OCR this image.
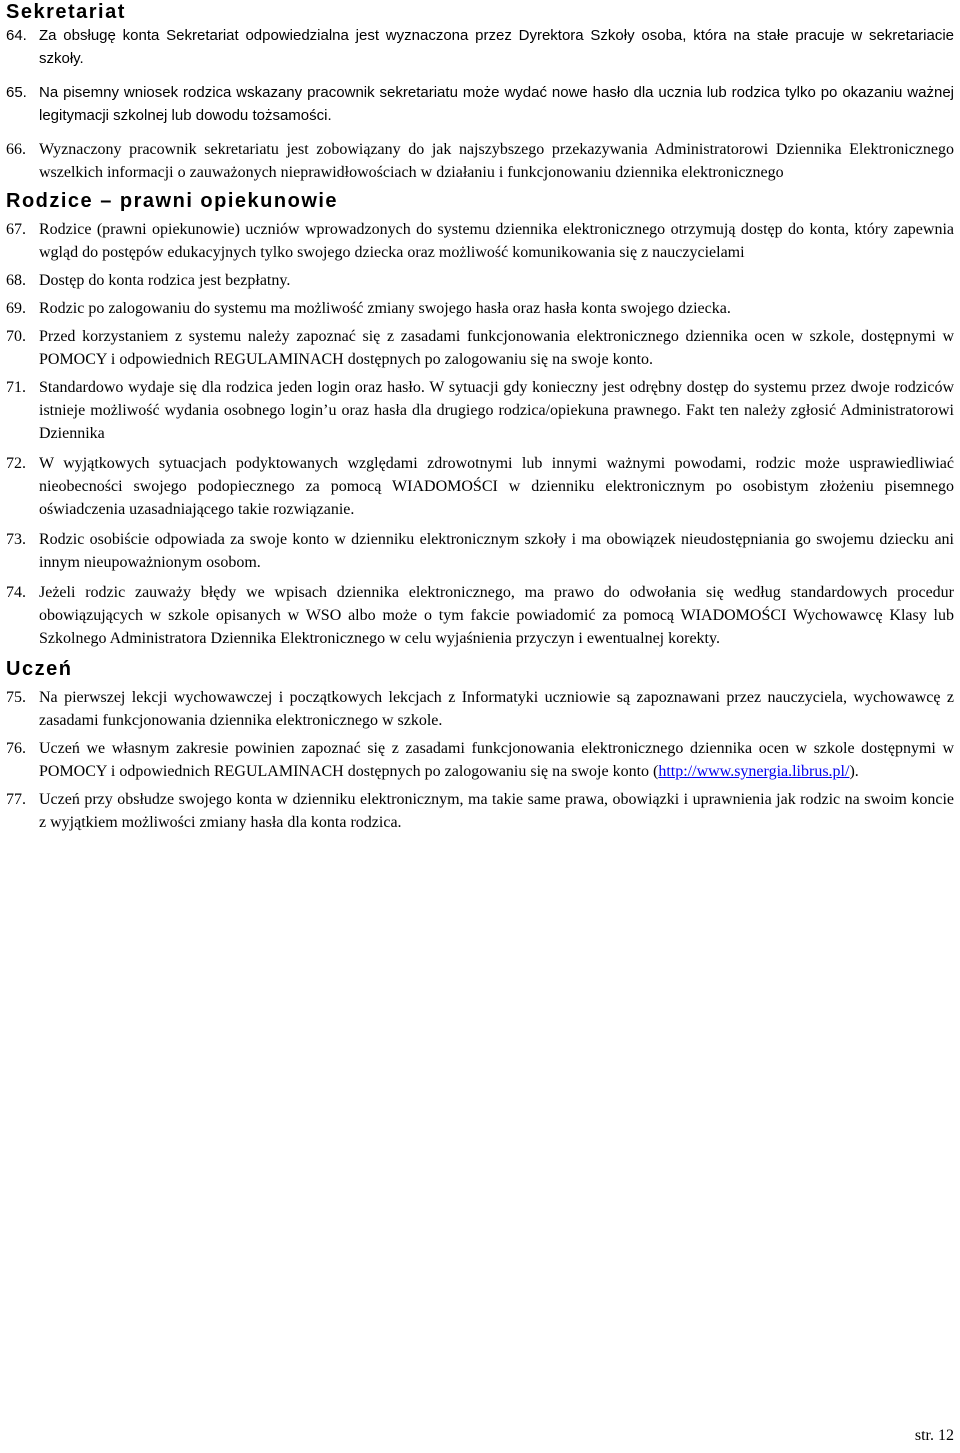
Sekretariat

64. Za obsługę konta Sekretariat odpowiedzialna jest wyznaczona przez Dyrektora Szkoły osoba, która na stałe pracuje w sekretariacie szkoły.

65. Na pisemny wniosek rodzica wskazany pracownik sekretariatu może wydać nowe hasło dla ucznia lub rodzica tylko po okazaniu ważnej legitymacji szkolnej lub dowodu tożsamości.

66. Wyznaczony pracownik sekretariatu jest zobowiązany do jak najszybszego przekazywania Administratorowi Dziennika Elektronicznego wszelkich informacji o zauważonych nieprawidłowościach w działaniu i funkcjonowaniu dziennika elektronicznego

Rodzice – prawni opiekunowie

67. Rodzice (prawni opiekunowie) uczniów wprowadzonych do systemu dziennika elektronicznego otrzymują dostęp do konta, który zapewnia wgląd do postępów edukacyjnych tylko swojego dziecka oraz możliwość komunikowania się z nauczycielami

68. Dostęp do konta rodzica jest bezpłatny.

69. Rodzic po zalogowaniu do systemu ma możliwość zmiany swojego hasła oraz hasła konta swojego dziecka.

70. Przed korzystaniem z systemu należy zapoznać się z zasadami funkcjonowania elektronicznego dziennika ocen w szkole, dostępnymi w POMOCY i odpowiednich REGULAMINACH dostępnych po zalogowaniu się na swoje konto.

71. Standardowo wydaje się dla rodzica jeden login oraz hasło. W sytuacji gdy konieczny jest odrębny dostęp do systemu przez dwoje rodziców istnieje możliwość wydania osobnego login’u oraz hasła dla drugiego rodzica/opiekuna prawnego. Fakt ten należy zgłosić Administratorowi Dziennika

72. W wyjątkowych sytuacjach podyktowanych względami zdrowotnymi lub innymi ważnymi powodami, rodzic może usprawiedliwiać nieobecności swojego podopiecznego za pomocą WIADOMOŚCI w dzienniku elektronicznym po osobistym złożeniu pisemnego oświadczenia uzasadniającego takie rozwiązanie.

73. Rodzic osobiście odpowiada za swoje konto w dzienniku elektronicznym szkoły i ma obowiązek nieudostępniania go swojemu dziecku ani innym nieupoważnionym osobom.

74. Jeżeli rodzic zauważy błędy we wpisach dziennika elektronicznego, ma prawo do odwołania się według standardowych procedur obowiązujących w szkole opisanych w WSO albo może o tym fakcie powiadomić za pomocą WIADOMOŚCI Wychowawcę Klasy lub Szkolnego Administratora Dziennika Elektronicznego w celu wyjaśnienia przyczyn i ewentualnej korekty.

Uczeń

75. Na pierwszej lekcji wychowawczej i początkowych lekcjach z Informatyki uczniowie są zapoznawani przez nauczyciela, wychowawcę z zasadami funkcjonowania dziennika elektronicznego w szkole.

76. Uczeń we własnym zakresie powinien zapoznać się z zasadami funkcjonowania elektronicznego dziennika ocen w szkole dostępnymi w POMOCY i odpowiednich REGULAMINACH dostępnych po zalogowaniu się na swoje konto (http://www.synergia.librus.pl/).

77. Uczeń przy obsłudze swojego konta w dzienniku elektronicznym, ma takie same prawa, obowiązki i uprawnienia jak rodzic na swoim koncie z wyjątkiem możliwości zmiany hasła dla konta rodzica.

str. 12
